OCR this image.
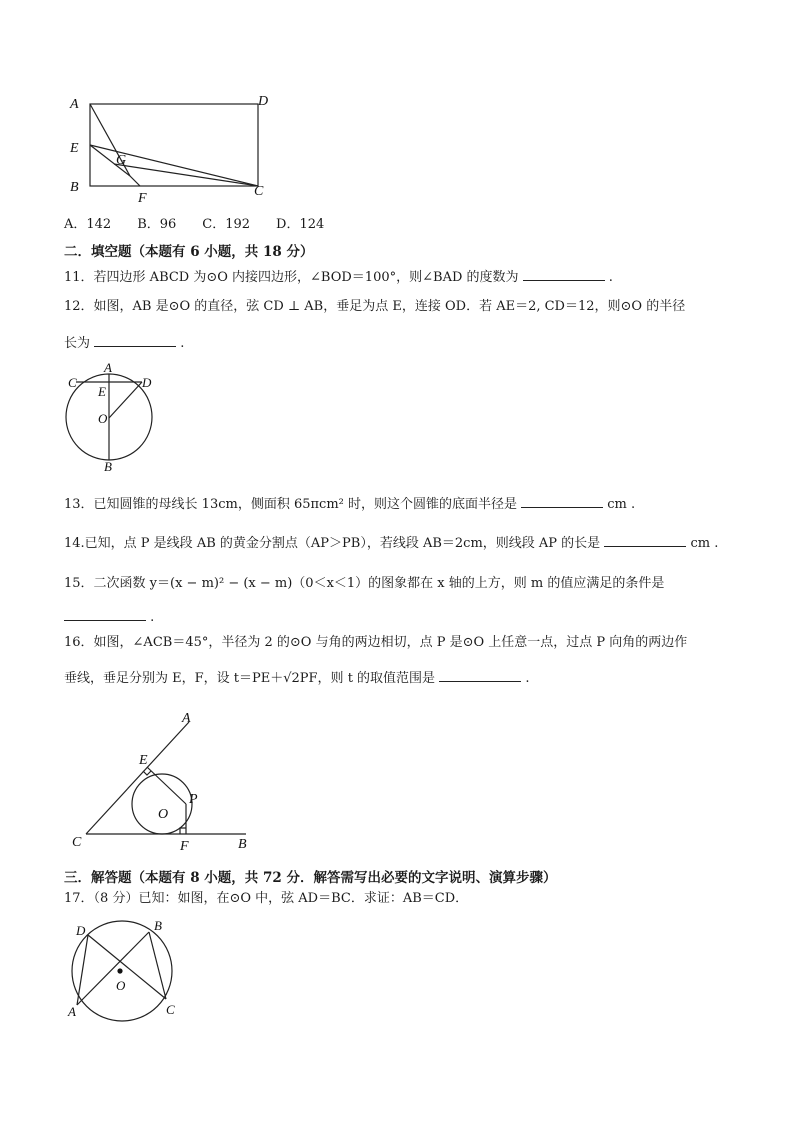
A	D
E
G
B
F	C
A．142　　B．96　　C．192　　D．124
二．填空题（本题有 6 小题，共 18 分）
11．若四边形 ABCD 为⊙O 内接四边形，∠BOD＝100°，则∠BAD 的度数为	.
12．如图，AB 是⊙O 的直径，弦 CD ⊥ AB，垂足为点 E，连接 OD．若 AE＝2, CD＝12，则⊙O 的半径
长为	.
A
C	D
E
O
B
13．已知圆锥的母线长 13cm，侧面积 65πcm² 时，则这个圆锥的底面半径是	cm .
14.已知，点 P 是线段 AB 的黄金分割点（AP＞PB），若线段 AB＝2cm，则线段 AP 的长是	cm .
15．二次函数 y＝(x − m)² − (x − m)（0＜x＜1）的图象都在 x 轴的上方，则 m 的值应满足的条件是
.
16．如图，∠ACB＝45°，半径为 2 的⊙O 与角的两边相切，点 P 是⊙O 上任意一点，过点 P 向角的两边作
垂线，垂足分别为 E，F，设 t＝PE＋√2PF，则 t 的取值范围是	.
A
E
P
O
C	F	B
三．解答题（本题有 8 小题，共 72 分．解答需写出必要的文字说明、演算步骤）
17．（8 分）已知：如图，在⊙O 中，弦 AD＝BC．求证：AB＝CD．
D	B
O
A	C
